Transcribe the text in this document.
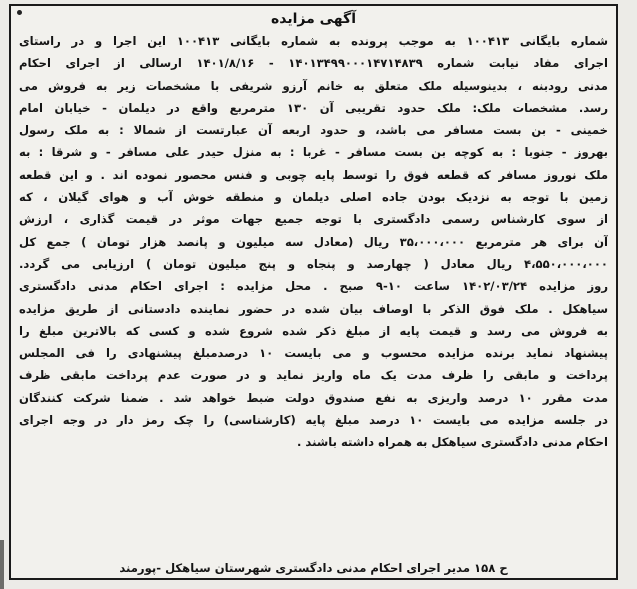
آگهی مزایده
شماره بایگانی ۱۰۰۴۱۳ به موجب پرونده به شماره بایگانی ۱۰۰۴۱۳ این اجرا و در راستای
اجرای مفاد نیابت شماره ۱۴۰۱۳۴۹۹۰۰۰۱۴۷۱۴۸۳۹ - ۱۴۰۱/۸/۱۶ ارسالی از اجرای احکام
مدنی رودبنه ، بدینوسیله ملک متعلق به خانم آرزو شریفی با مشخصات زیر به فروش می
رسد. مشخصات ملک: ملک حدود تقریبی آن ۱۳۰ مترمربع واقع در دیلمان - خیابان امام
خمینی - بن بست مسافر می باشد، و حدود اربعه آن عبارتست از شمالا : به ملک رسول
بهروز - جنوبا : به کوچه بن بست مسافر - غربا : به منزل حیدر علی مسافر - و شرقا : به
ملک نوروز مسافر که قطعه فوق را توسط پایه چوبی و فنس محصور نموده اند . و این قطعه
زمین با توجه به نزدیک بودن جاده اصلی دیلمان و منطقه خوش آب و هوای گیلان ، که
از سوی کارشناس رسمی دادگستری با توجه جمیع جهات موثر در قیمت گذاری ، ارزش
آن برای هر مترمربع ۳۵،۰۰۰،۰۰۰ ریال (معادل سه میلیون و پانصد هزار تومان ) جمع کل
۴،۵۵۰،۰۰۰،۰۰۰ ریال معادل ( چهارصد و پنجاه و پنج میلیون تومان ) ارزیابی می گردد.
روز مزایده ۱۴۰۲/۰۳/۲۴ ساعت ۱۰-۹ صبح . محل مزایده : اجرای احکام مدنی دادگستری
سیاهکل . ملک فوق الذکر با اوصاف بیان شده در حضور نماینده دادستانی از طریق مزایده
به فروش می رسد و قیمت پایه از مبلغ ذکر شده شروع شده و کسی که بالاترین مبلغ را
پیشنهاد نماید برنده مزایده محسوب و می بایست ۱۰ درصدمبلغ پیشنهادی را فی المجلس
پرداخت و مابقی را ظرف مدت یک ماه واریز نماید و در صورت عدم پرداخت مابقی ظرف
مدت مقرر ۱۰ درصد واریزی به نفع صندوق دولت ضبط خواهد شد . ضمنا شرکت کنندگان
در جلسه مزایده می بایست ۱۰ درصد مبلغ پایه (کارشناسی) را چک رمز دار در وجه اجرای
احکام مدنی دادگستری سیاهکل به همراه داشته باشند .
ح ۱۵۸ مدیر اجرای احکام مدنی دادگستری شهرستان سیاهکل -پورمند
